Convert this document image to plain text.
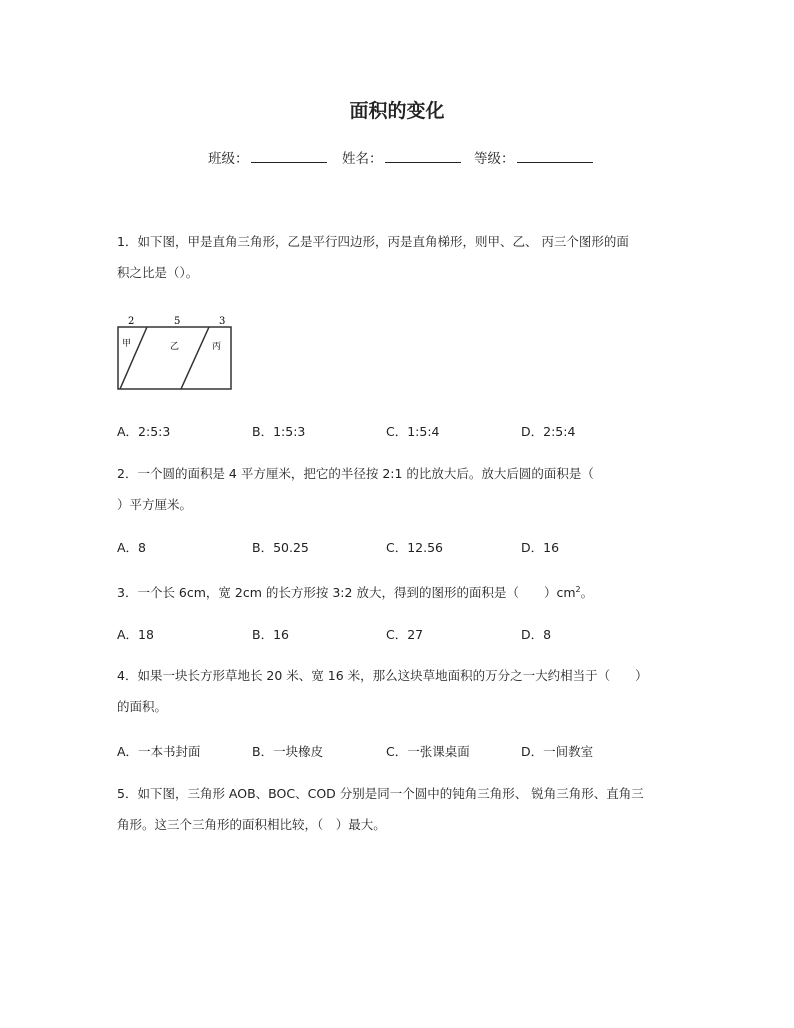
面积的变化
班级：	姓名：	等级：
1．如下图，甲是直角三角形，乙是平行四边形，丙是直角梯形，则甲、乙、 丙三个图形的面
积之比是（）。
2	5	3
甲	乙	丙
A．2:5:3	B．1:5:3	C．1:5:4	D．2:5:4
2．一个圆的面积是 4 平方厘米，把它的半径按 2:1 的比放大后。放大后圆的面积是（
）平方厘米。
A．8	B．50.25	C．12.56	D．16
3．一个长 6cm，宽 2cm 的长方形按 3:2 放大，得到的图形的面积是（　　）$cm^2$。
A．18	B．16	C．27	D．8
4．如果一块长方形草地长 20 米、宽 16 米，那么这块草地面积的万分之一大约相当于（　　）
的面积。
A．一本书封面	B．一块橡皮	C．一张课桌面	D．一间教室
5．如下图，三角形 AOB、BOC、COD 分别是同一个圆中的钝角三角形、 锐角三角形、直角三
角形。这三个三角形的面积相比较，（　）最大。
